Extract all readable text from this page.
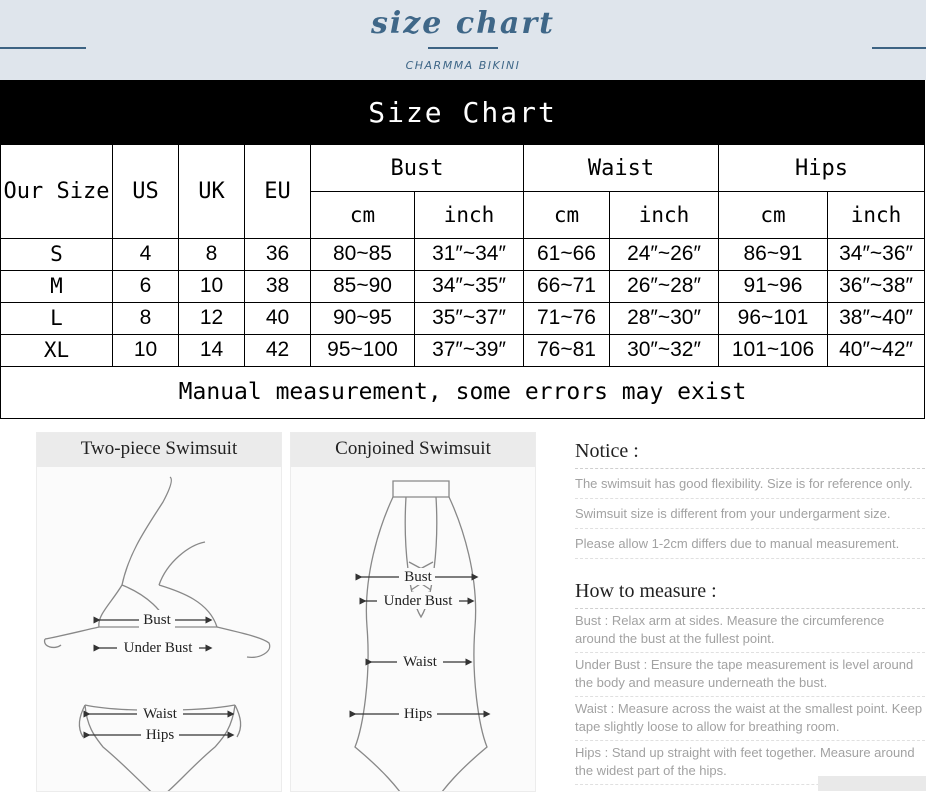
size chart
CHARMMA BIKINI
Size Chart									
Our Size	US	UK	EU	Bust		Waist		Hips	
				cm	inch	cm	inch	cm	inch
S	4	8	36	80~85	31″~34″	61~66	24″~26″	86~91	34″~36″
M	6	10	38	85~90	34″~35″	66~71	26″~28″	91~96	36″~38″
L	8	12	40	90~95	35″~37″	71~76	28″~30″	96~101	38″~40″
XL	10	14	42	95~100	37″~39″	76~81	30″~32″	101~106	40″~42″
Manual measurement, some errors may exist									
Two-piece Swimsuit
Bust
Under Bust
Waist
Hips
Conjoined Swimsuit
Bust
Under Bust
Waist
Hips
Notice :
The swimsuit has good flexibility. Size is for reference only.
Swimsuit size is different from your undergarment size.
Please allow 1-2cm differs due to manual measurement.
How to measure :
Bust : Relax arm at sides. Measure the circumference around the bust at the fullest point.
Under Bust : Ensure the tape measurement is level around the body and measure underneath the bust.
Waist : Measure across the waist at the smallest point. Keep tape slightly loose to allow for breathing room.
Hips : Stand up straight with feet together. Measure around the widest part of the hips.
